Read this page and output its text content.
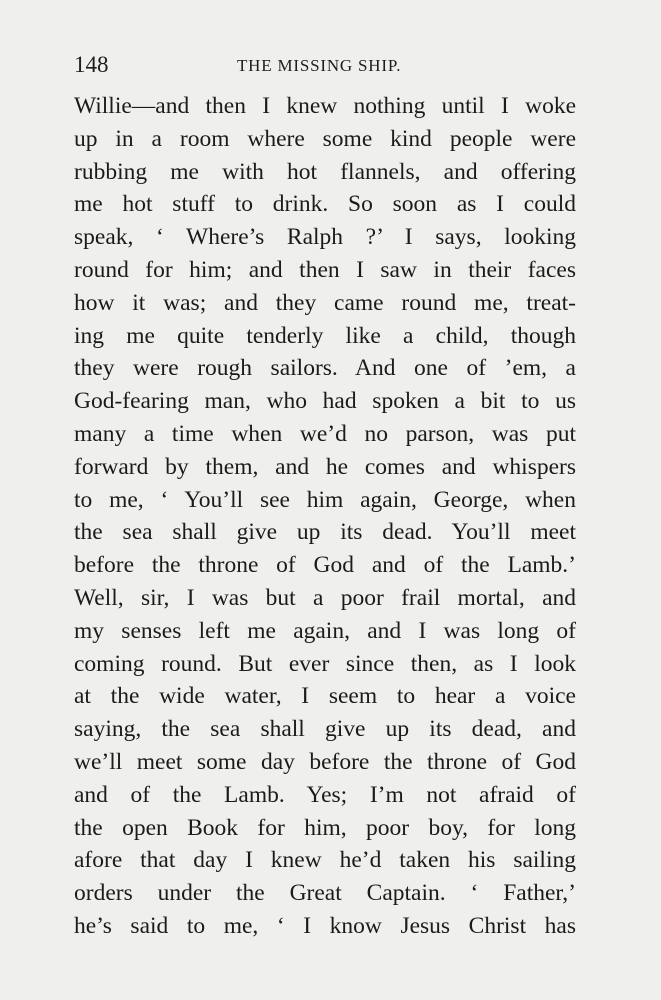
148	THE MISSING SHIP.
Willie—and then I knew nothing until I woke
up in a room where some kind people were
rubbing me with hot flannels, and offering
me hot stuff to drink. So soon as I could
speak, ‘ Where’s Ralph ?’ I says, looking
round for him; and then I saw in their faces
how it was; and they came round me, treat-
ing me quite tenderly like a child, though
they were rough sailors. And one of ’em, a
God-fearing man, who had spoken a bit to us
many a time when we’d no parson, was put
forward by them, and he comes and whispers
to me, ‘ You’ll see him again, George, when
the sea shall give up its dead. You’ll meet
before the throne of God and of the Lamb.’
Well, sir, I was but a poor frail mortal, and
my senses left me again, and I was long of
coming round. But ever since then, as I look
at the wide water, I seem to hear a voice
saying, the sea shall give up its dead, and
we’ll meet some day before the throne of God
and of the Lamb. Yes; I’m not afraid of
the open Book for him, poor boy, for long
afore that day I knew he’d taken his sailing
orders under the Great Captain. ‘ Father,’
he’s said to me, ‘ I know Jesus Christ has
